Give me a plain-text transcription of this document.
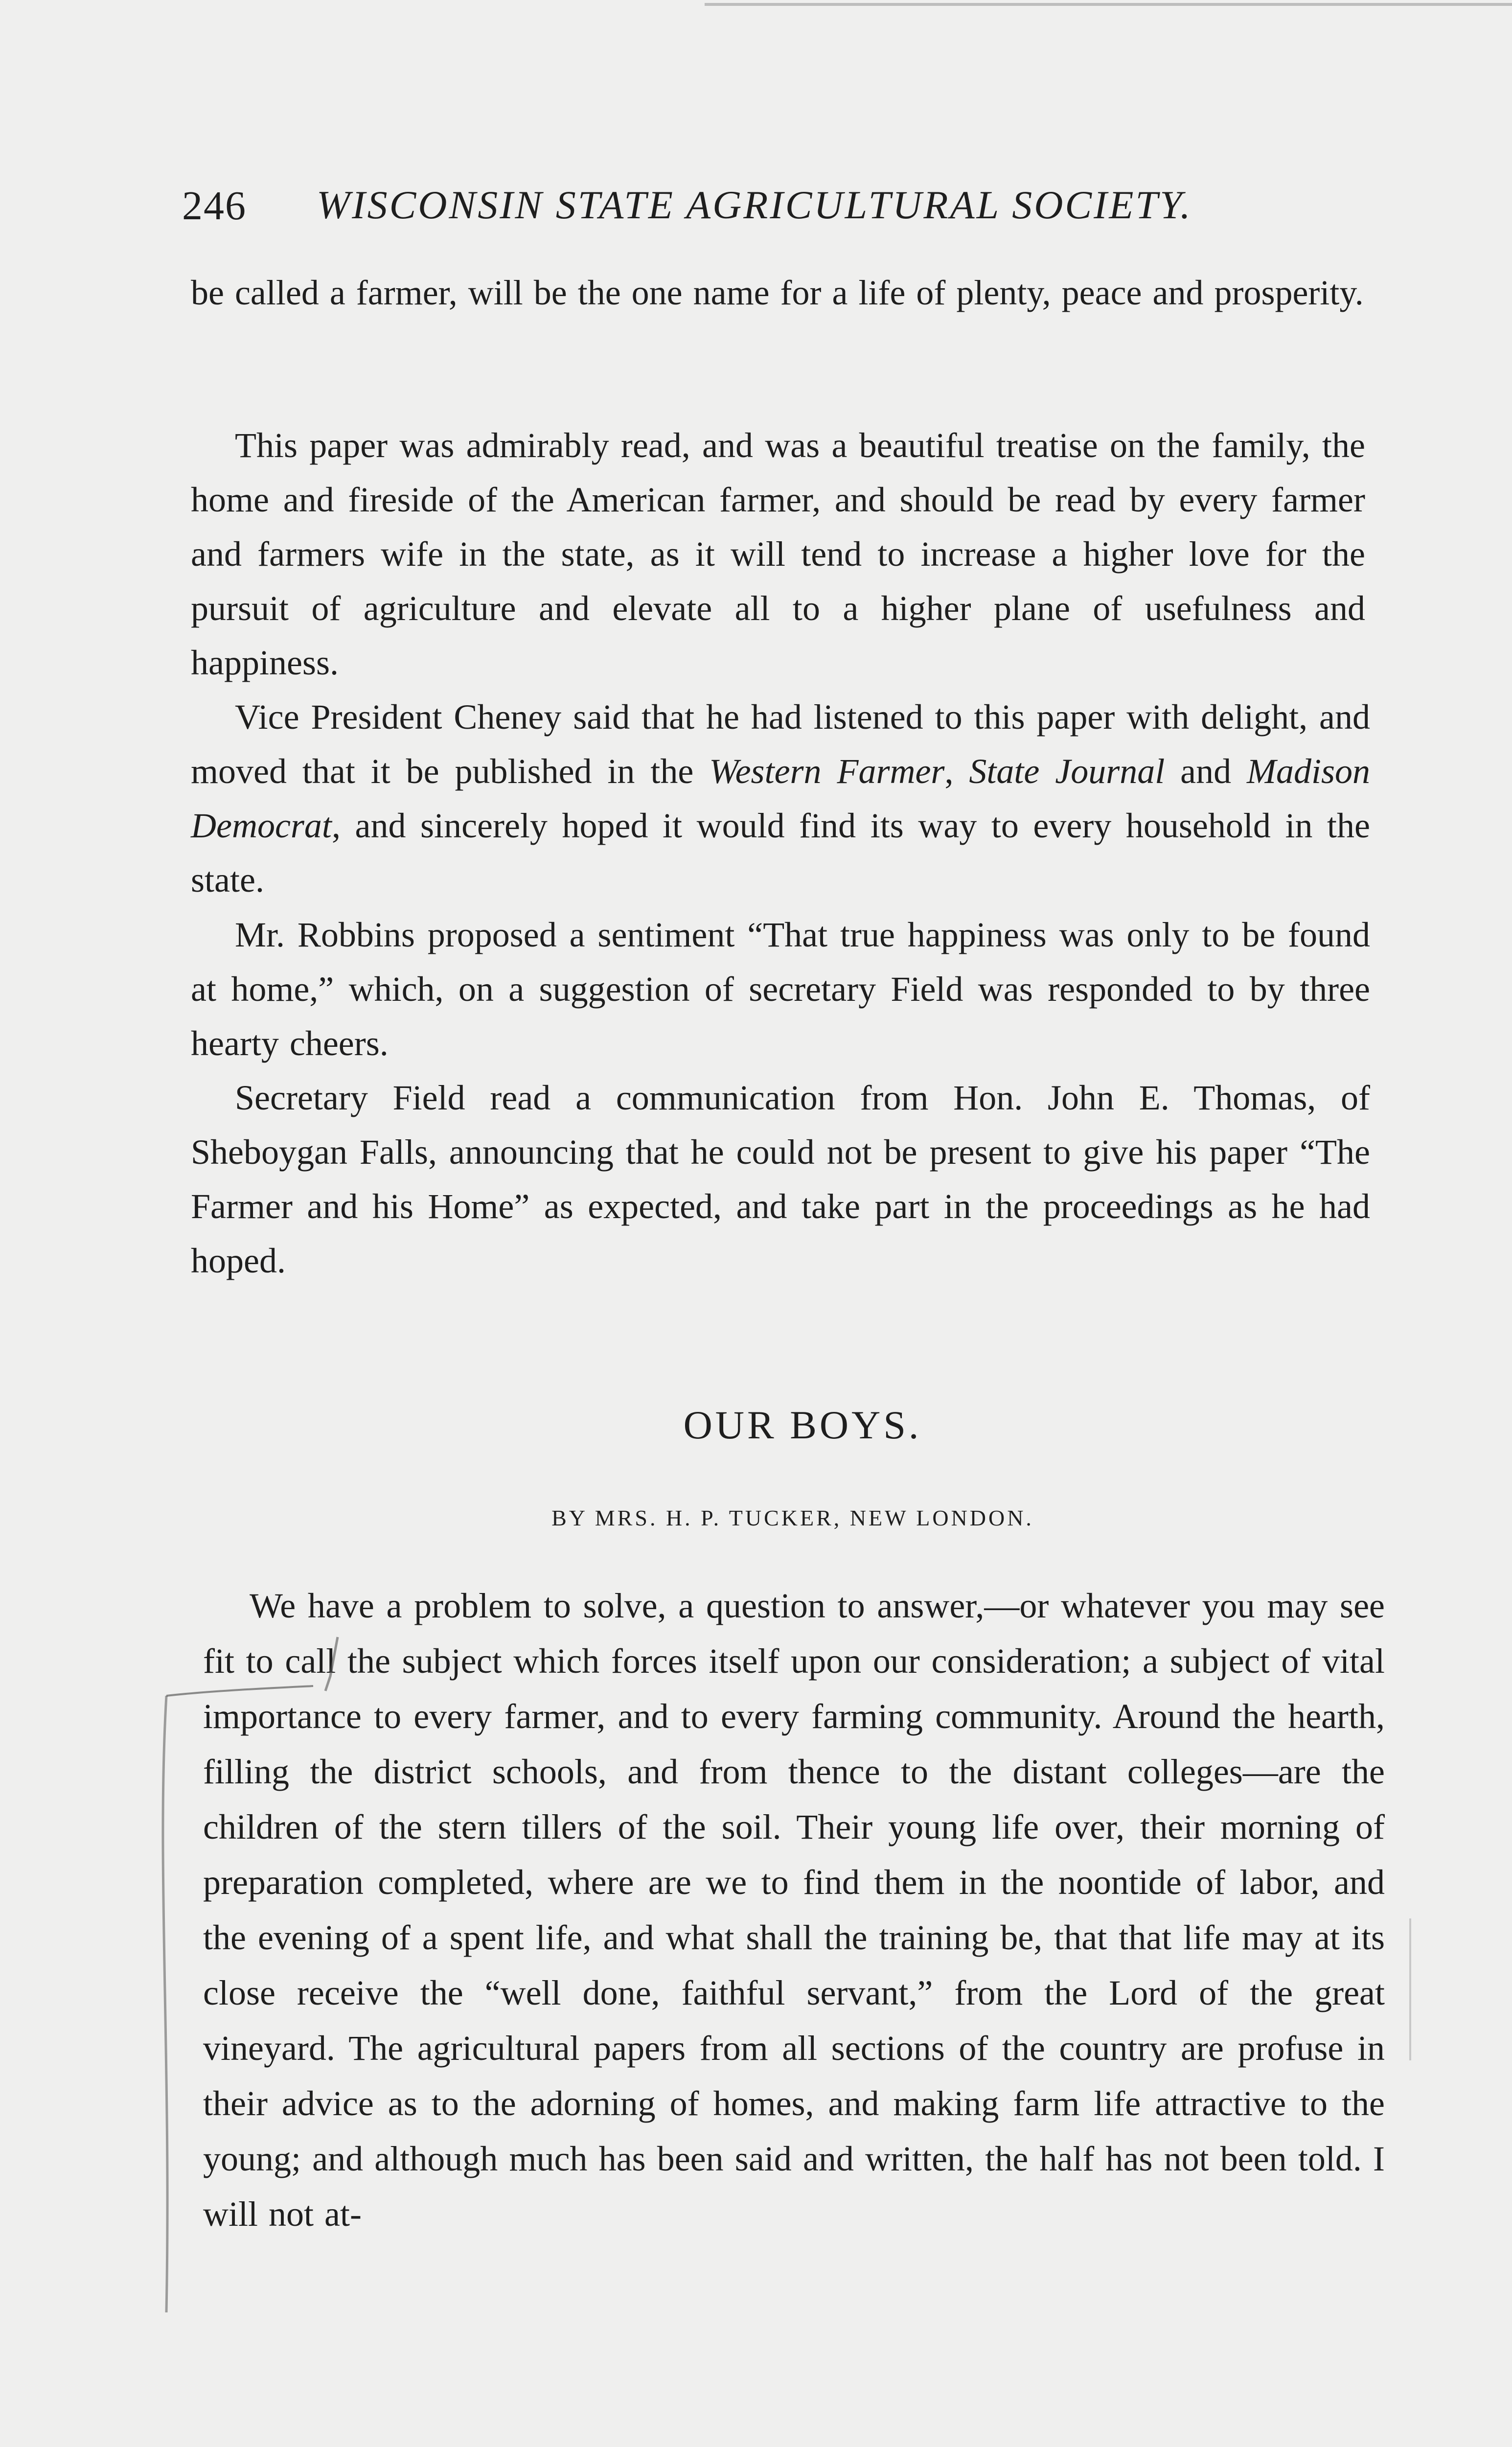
246 WISCONSIN STATE AGRICULTURAL SOCIETY.

be called a farmer, will be the one name for a life of plenty, peace and prosperity.

This paper was admirably read, and was a beautiful treatise on the family, the home and fireside of the American farmer, and should be read by every farmer and farmers wife in the state, as it will tend to increase a higher love for the pursuit of agriculture and elevate all to a higher plane of usefulness and happiness.

Vice President Cheney said that he had listened to this paper with delight, and moved that it be published in the Western Farmer, State Journal and Madison Democrat, and sincerely hoped it would find its way to every household in the state.

Mr. Robbins proposed a sentiment “That true happiness was only to be found at home,” which, on a suggestion of secretary Field was responded to by three hearty cheers.

Secretary Field read a communication from Hon. John E. Thomas, of Sheboygan Falls, announcing that he could not be present to give his paper “The Farmer and his Home” as expected, and take part in the proceedings as he had hoped.

OUR BOYS.
BY MRS. H. P. TUCKER, NEW LONDON.

We have a problem to solve, a question to answer,—or whatever you may see fit to call the subject which forces itself upon our consideration; a subject of vital importance to every farmer, and to every farming community. Around the hearth, filling the district schools, and from thence to the distant colleges—are the children of the stern tillers of the soil. Their young life over, their morning of preparation completed, where are we to find them in the noontide of labor, and the evening of a spent life, and what shall the training be, that that life may at its close receive the “well done, faithful servant,” from the Lord of the great vineyard. The agricultural papers from all sections of the country are profuse in their advice as to the adorning of homes, and making farm life attractive to the young; and although much has been said and written, the half has not been told. I will not at-
